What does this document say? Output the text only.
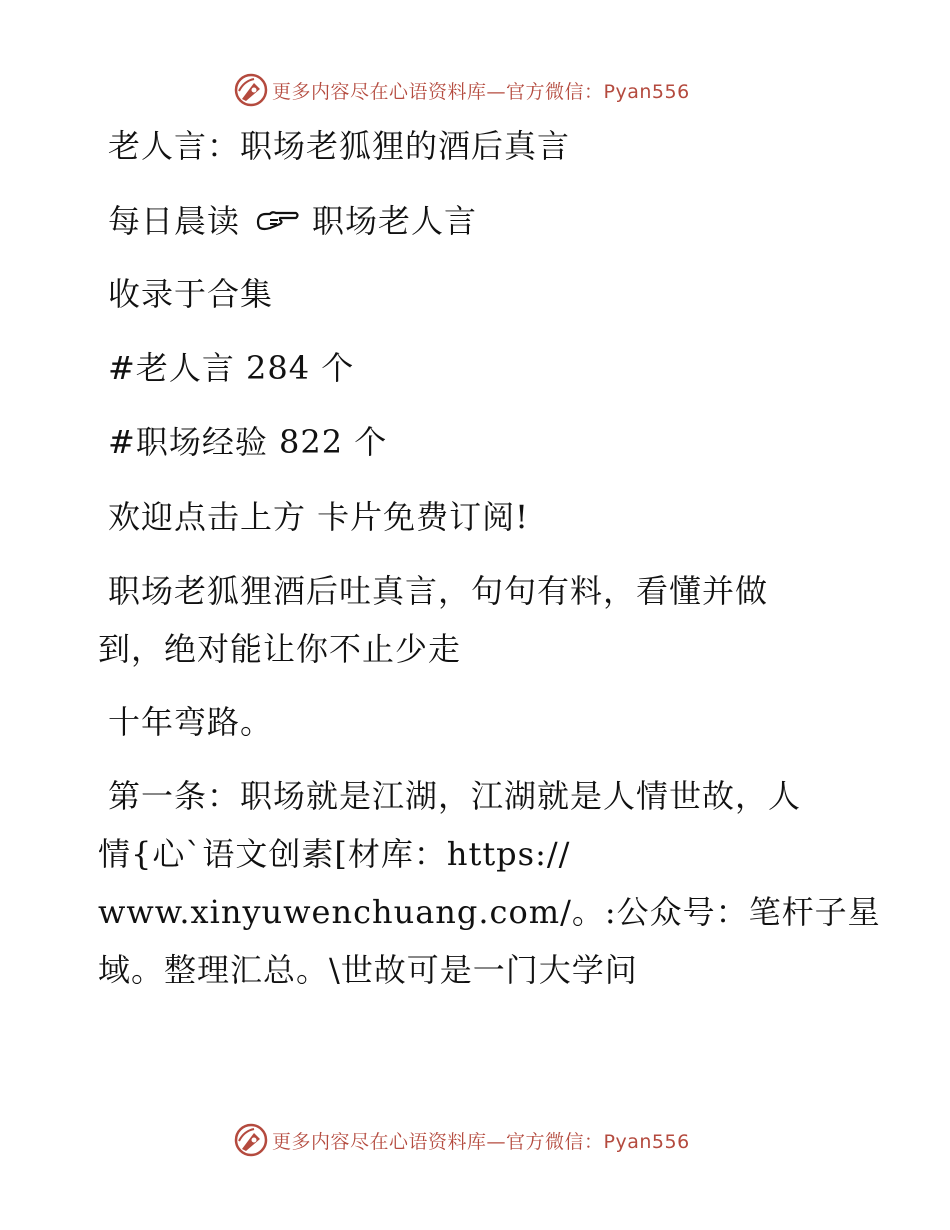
更多内容尽在心语资料库—官方微信：Pyan556
老人言：职场老狐狸的酒后真言
每日晨读 职场老人言
收录于合集
#老人言 284 个
#职场经验 822 个
欢迎点击上方 卡片免费订阅!
职场老狐狸酒后吐真言，句句有料，看懂并做
到，绝对能让你不止少走
十年弯路。
第一条：职场就是江湖，江湖就是人情世故，人
情{心`语文创素[材库：https://
www.xinyuwenchuang.com/。:公众号：笔杆子星
域。整理汇总。\世故可是一门大学问
更多内容尽在心语资料库—官方微信：Pyan556
